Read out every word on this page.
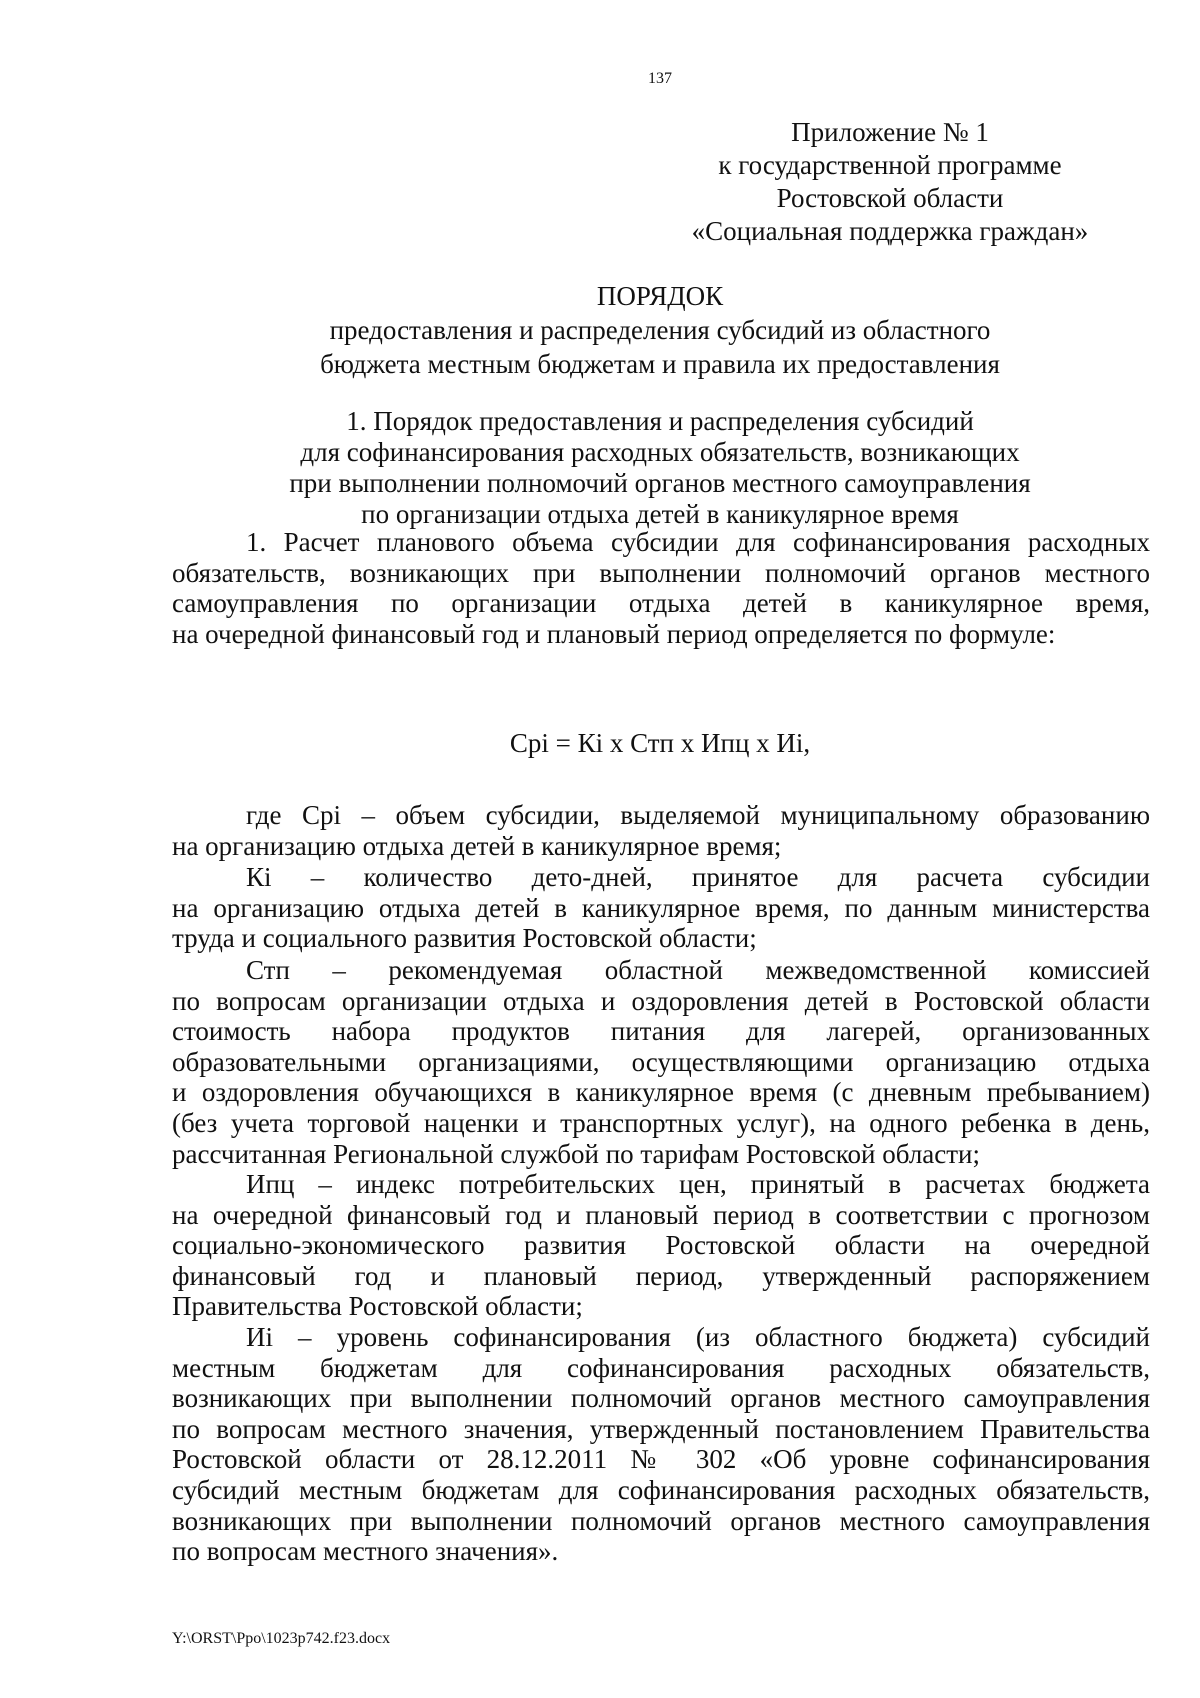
137
Приложение № 1
к государственной программе
Ростовской области
«Социальная поддержка граждан»
ПОРЯДОК
предоставления и распределения субсидий из областного
бюджета местным бюджетам и правила их предоставления
1. Порядок предоставления и распределения субсидий
для софинансирования расходных обязательств, возникающих
при выполнении полномочий органов местного самоуправления
по организации отдыха детей в каникулярное время
1. Расчет планового объема субсидии для софинансирования расходных
обязательств, возникающих при выполнении полномочий органов местного
самоуправления по организации отдыха детей в каникулярное время,
на очередной финансовый год и плановый период определяется по формуле:
Срi = Кi х Стп х Ипц х Иi,
где Срi – объем субсидии, выделяемой муниципальному образованию
на организацию отдыха детей в каникулярное время;
Кi – количество дето-дней, принятое для расчета субсидии
на организацию отдыха детей в каникулярное время, по данным министерства
труда и социального развития Ростовской области;
Стп – рекомендуемая областной межведомственной комиссией
по вопросам организации отдыха и оздоровления детей в Ростовской области
стоимость набора продуктов питания для лагерей, организованных
образовательными организациями, осуществляющими организацию отдыха
и оздоровления обучающихся в каникулярное время (с дневным пребыванием)
(без учета торговой наценки и транспортных услуг), на одного ребенка в день,
рассчитанная Региональной службой по тарифам Ростовской области;
Ипц – индекс потребительских цен, принятый в расчетах бюджета
на очередной финансовый год и плановый период в соответствии с прогнозом
социально-экономического развития Ростовской области на очередной
финансовый год и плановый период, утвержденный распоряжением
Правительства Ростовской области;
Иi – уровень софинансирования (из областного бюджета) субсидий
местным бюджетам для софинансирования расходных обязательств,
возникающих при выполнении полномочий органов местного самоуправления
по вопросам местного значения, утвержденный постановлением Правительства
Ростовской области от 28.12.2011 № 302 «Об уровне софинансирования
субсидий местным бюджетам для софинансирования расходных обязательств,
возникающих при выполнении полномочий органов местного самоуправления
по вопросам местного значения».
Y:\ORST\Ppo\1023p742.f23.docx
